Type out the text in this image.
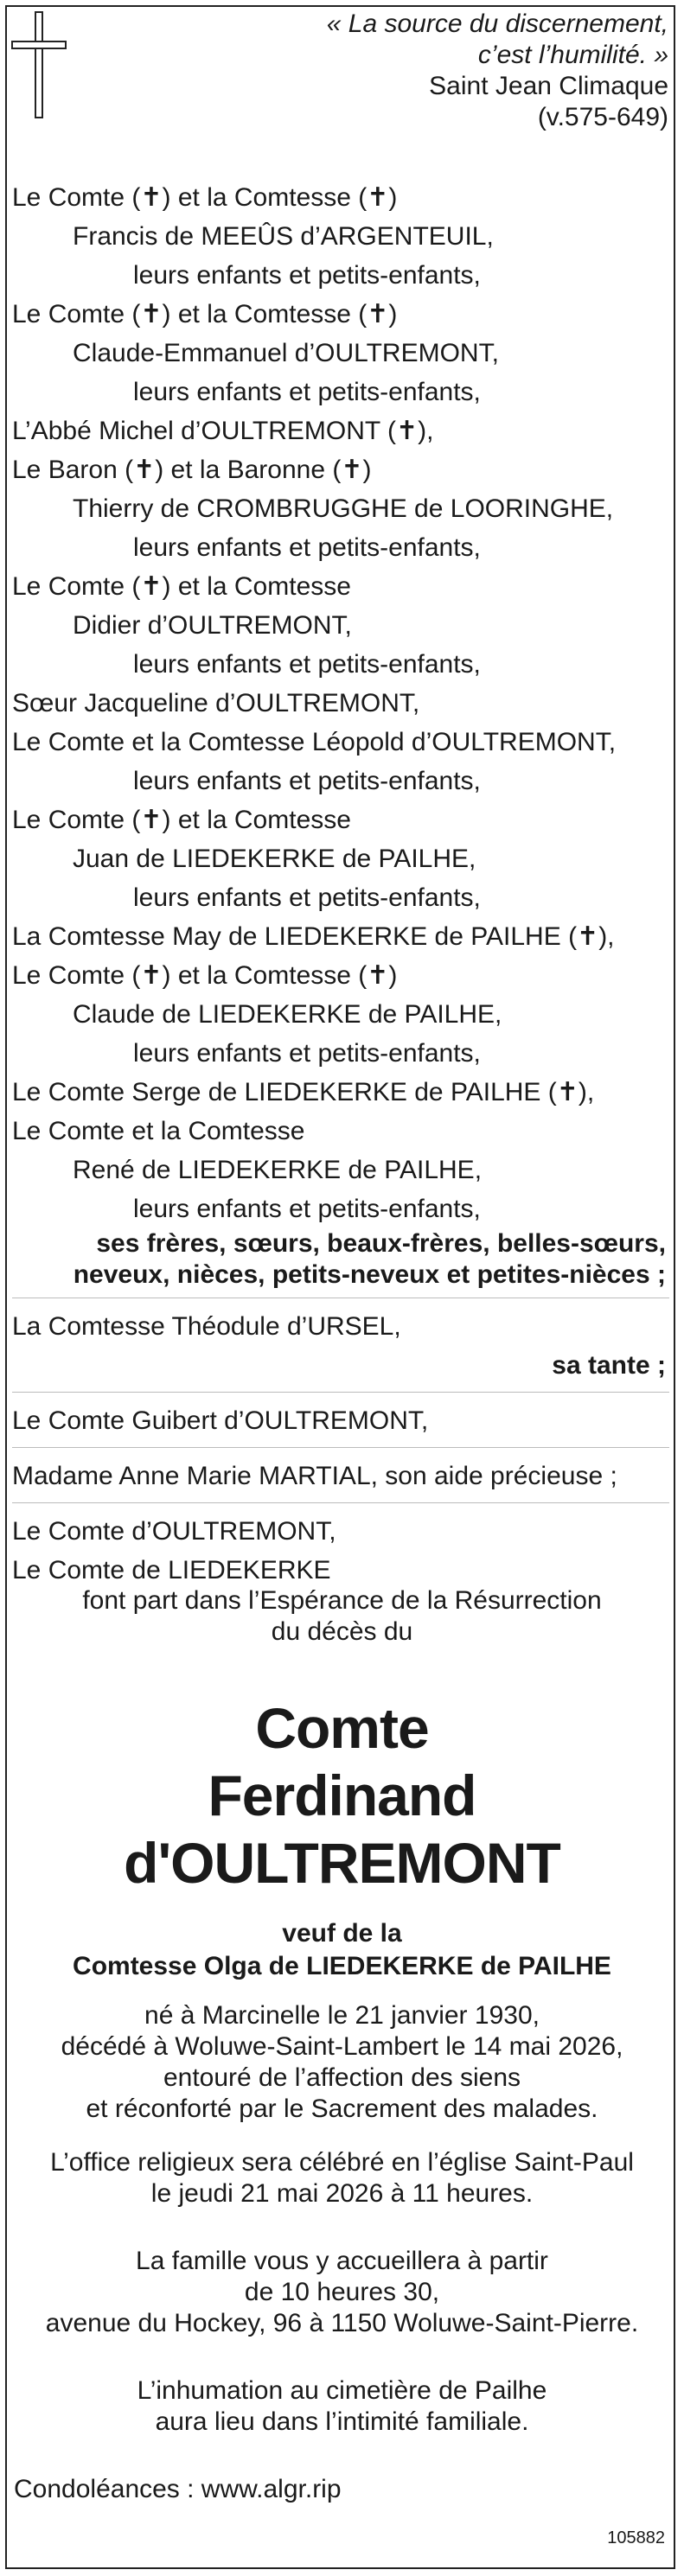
« La source du discernement,
c’est l’humilité. »
Saint Jean Climaque
(v.575-649)
Le Comte (✝) et la Comtesse (✝)
Francis de MEEÛS d’ARGENTEUIL,
leurs enfants et petits-enfants,
Le Comte (✝) et la Comtesse (✝)
Claude-Emmanuel d’OULTREMONT,
leurs enfants et petits-enfants,
L’Abbé Michel d’OULTREMONT (✝),
Le Baron (✝) et la Baronne (✝)
Thierry de CROMBRUGGHE de LOORINGHE,
leurs enfants et petits-enfants,
Le Comte (✝) et la Comtesse
Didier d’OULTREMONT,
leurs enfants et petits-enfants,
Sœur Jacqueline d’OULTREMONT,
Le Comte et la Comtesse Léopold d’OULTREMONT,
leurs enfants et petits-enfants,
Le Comte (✝) et la Comtesse
Juan de LIEDEKERKE de PAILHE,
leurs enfants et petits-enfants,
La Comtesse May de LIEDEKERKE de PAILHE (✝),
Le Comte (✝) et la Comtesse (✝)
Claude de LIEDEKERKE de PAILHE,
leurs enfants et petits-enfants,
Le Comte Serge de LIEDEKERKE de PAILHE (✝),
Le Comte et la Comtesse
René de LIEDEKERKE de PAILHE,
leurs enfants et petits-enfants,
ses frères, sœurs, beaux-frères, belles-sœurs,
neveux, nièces, petits-neveux et petites-nièces ;
La Comtesse Théodule d’URSEL,
sa tante ;
Le Comte Guibert d’OULTREMONT,
Madame Anne Marie MARTIAL, son aide précieuse ;
Le Comte d’OULTREMONT,
Le Comte de LIEDEKERKE
font part dans l’Espérance de la Résurrection
du décès du
Comte
Ferdinand
d'OULTREMONT
veuf de la
Comtesse Olga de LIEDEKERKE de PAILHE
né à Marcinelle le 21 janvier 1930,
décédé à Woluwe-Saint-Lambert le 14 mai 2026,
entouré de l’affection des siens
et réconforté par le Sacrement des malades.
L’office religieux sera célébré en l’église Saint-Paul
le jeudi 21 mai 2026 à 11 heures.
La famille vous y accueillera à partir
de 10 heures 30,
avenue du Hockey, 96 à 1150 Woluwe-Saint-Pierre.
L’inhumation au cimetière de Pailhe
aura lieu dans l’intimité familiale.
Condoléances : www.algr.rip
105882
